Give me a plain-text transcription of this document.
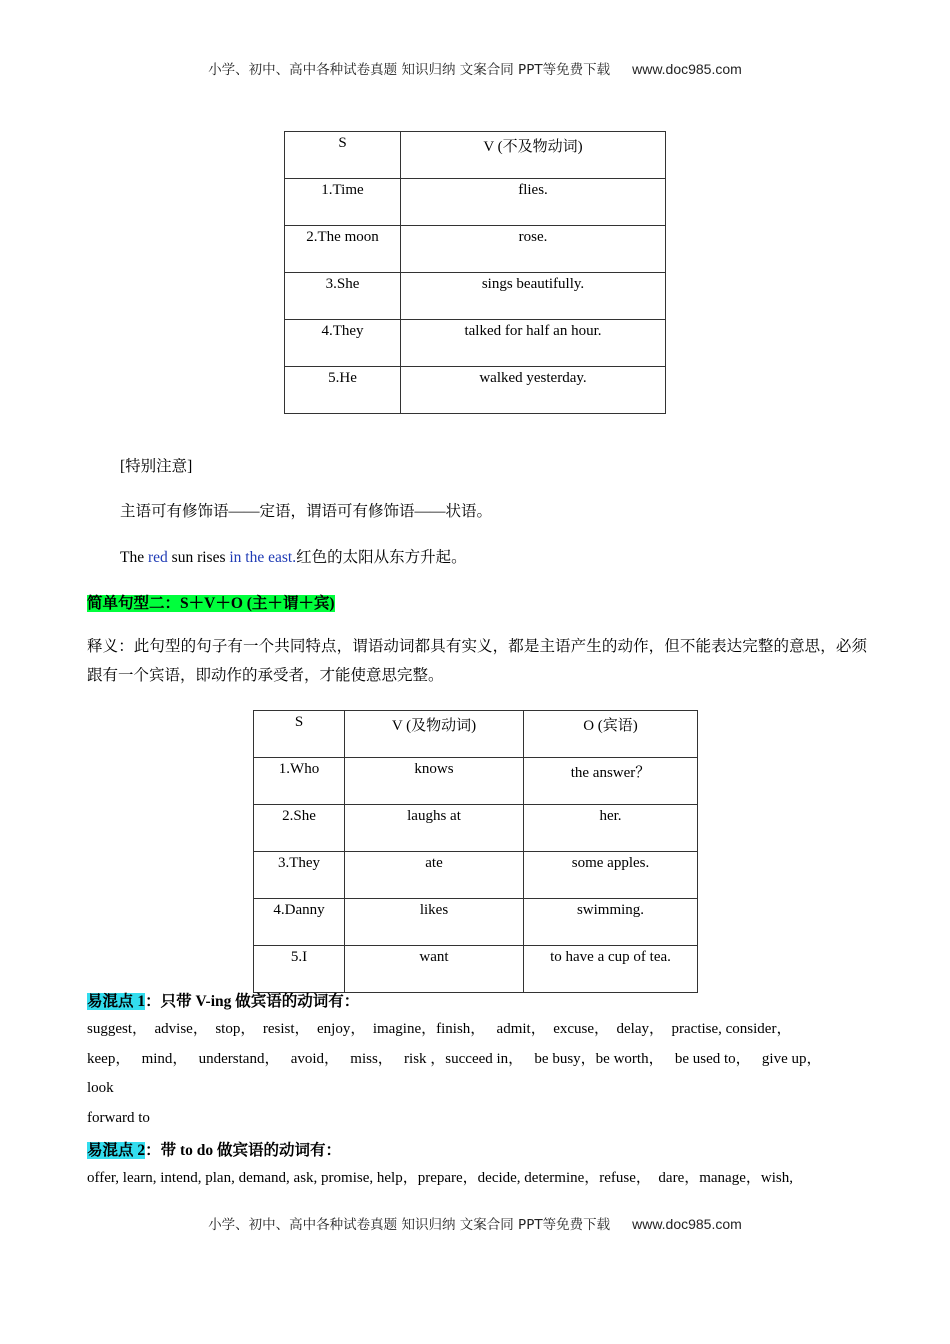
小学、初中、高中各种试卷真题 知识归纳 文案合同 PPT等免费下载 www.doc985.com
S	V (不及物动词)
1.Time	flies.
2.The moon	rose.
3.She	sings beautifully.
4.They	talked for half an hour.
5.He	walked yesterday.
[特别注意]
主语可有修饰语——定语，谓语可有修饰语——状语。
The red sun rises in the east.红色的太阳从东方升起。
简单句型二：S＋V＋O (主＋谓＋宾)
释义：此句型的句子有一个共同特点，谓语动词都具有实义，都是主语产生的动作，但不能表达完整的意思，必须跟有一个宾语，即动作的承受者，才能使意思完整。
S	V (及物动词)	O (宾语)
1.Who	knows	the answer？
2.She	laughs at	her.
3.They	ate	some apples.
4.Danny	likes	swimming.
5.I	want	to have a cup of tea.
易混点 1：只带 V-ing 做宾语的动词有：
suggest，  advise，  stop，  resist，  enjoy，  imagine，finish，   admit，  excuse，  delay，  practise, consider，
keep，   mind，   understand，   avoid，   miss，   risk ，succeed in，   be busy，be worth，   be used to，   give up，
look
forward to
易混点 2：带 to do 做宾语的动词有：
offer, learn, intend, plan, demand, ask, promise, help，prepare，decide, determine，refuse，  dare，manage，wish,
小学、初中、高中各种试卷真题 知识归纳 文案合同 PPT等免费下载 www.doc985.com
